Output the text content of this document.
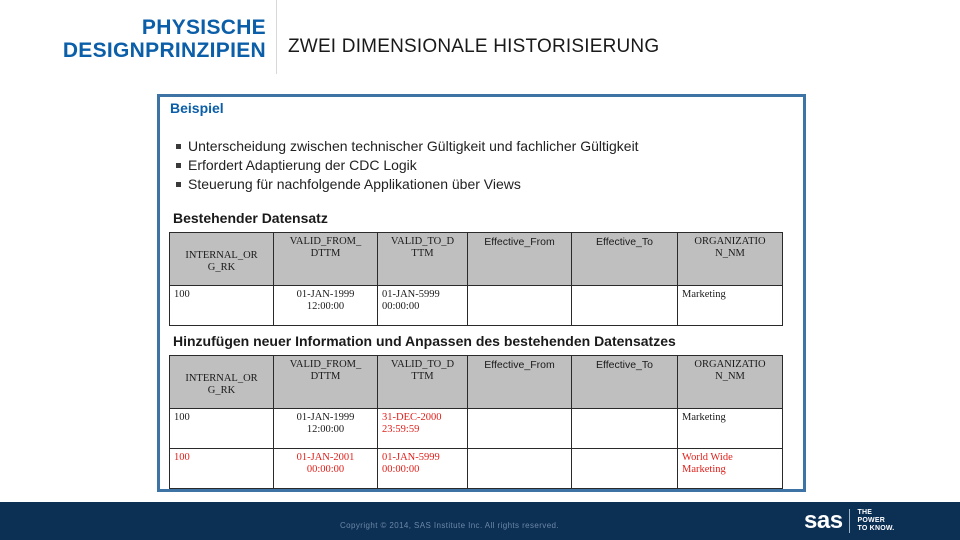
PHYSISCHE
DESIGNPRINZIPIEN ZWEI DIMENSIONALE HISTORISIERUNG
Beispiel
Unterscheidung zwischen technischer Gültigkeit und fachlicher Gültigkeit
Erfordert Adaptierung der CDC Logik
Steuerung für nachfolgende Applikationen über Views
Bestehender Datensatz
INTERNAL_OR G_RK	VALID_FROM_ DTTM	VALID_TO_D TTM	Effective_From	Effective_To	ORGANIZATIO N_NM
100	01-JAN-1999 12:00:00	01-JAN-5999 00:00:00			Marketing
Hinzufügen neuer Information und Anpassen des bestehenden Datensatzes
INTERNAL_OR G_RK	VALID_FROM_ DTTM	VALID_TO_D TTM	Effective_From	Effective_To	ORGANIZATIO N_NM
100	01-JAN-1999 12:00:00	31-DEC-2000 23:59:59			Marketing
100	01-JAN-2001 00:00:00	01-JAN-5999 00:00:00			World Wide Marketing
Copyright © 2014, SAS Institute Inc. All rights reserved.	sas THE
POWER
TO KNOW.
